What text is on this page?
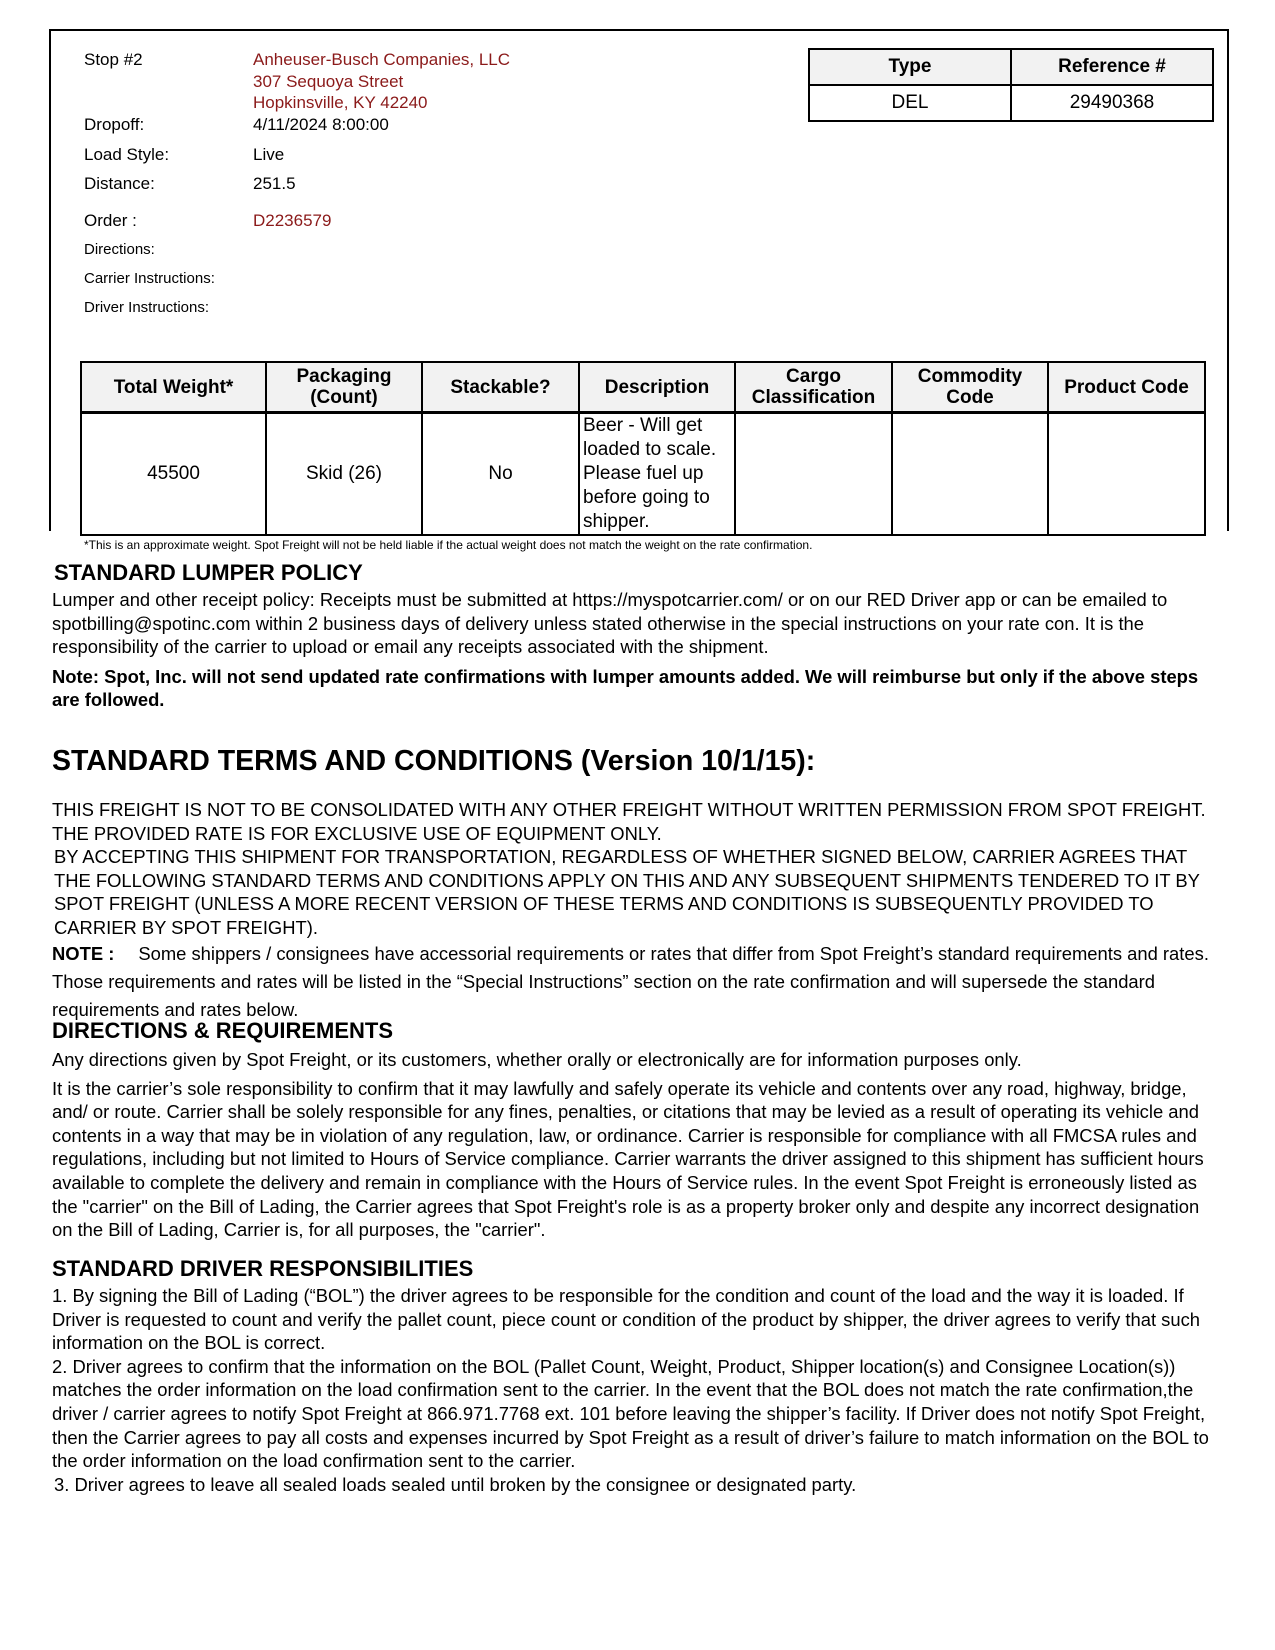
Stop #2	Anheuser-Busch Companies, LLC
307 Sequoya Street
Hopkinsville, KY 42240
Dropoff:	4/11/2024 8:00:00
Load Style:	Live
Distance:	251.5
Order :	D2236579
Directions:
Carrier Instructions:
Driver Instructions:
Type	Reference #
DEL	29490368
Total Weight*	Packaging (Count)	Stackable?	Description	Cargo Classification	Commodity Code	Product Code
45500	Skid (26)	No	Beer - Will get loaded to scale. Please fuel up before going to shipper.			
*This is an approximate weight. Spot Freight will not be held liable if the actual weight does not match the weight on the rate confirmation.
STANDARD LUMPER POLICY

Lumper and other receipt policy: Receipts must be submitted at https://myspotcarrier.com/ or on our RED Driver app or can be emailed to spotbilling@spotinc.com within 2 business days of delivery unless stated otherwise in the special instructions on your rate con. It is the responsibility of the carrier to upload or email any receipts associated with the shipment.

Note: Spot, Inc. will not send updated rate confirmations with lumper amounts added. We will reimburse but only if the above steps are followed.

STANDARD TERMS AND CONDITIONS (Version 10/1/15):

THIS FREIGHT IS NOT TO BE CONSOLIDATED WITH ANY OTHER FREIGHT WITHOUT WRITTEN PERMISSION FROM SPOT FREIGHT. THE PROVIDED RATE IS FOR EXCLUSIVE USE OF EQUIPMENT ONLY.

BY ACCEPTING THIS SHIPMENT FOR TRANSPORTATION, REGARDLESS OF WHETHER SIGNED BELOW, CARRIER AGREES THAT THE FOLLOWING STANDARD TERMS AND CONDITIONS APPLY ON THIS AND ANY SUBSEQUENT SHIPMENTS TENDERED TO IT BY SPOT FREIGHT (UNLESS A MORE RECENT VERSION OF THESE TERMS AND CONDITIONS IS SUBSEQUENTLY PROVIDED TO CARRIER BY SPOT FREIGHT).

NOTE : Some shippers / consignees have accessorial requirements or rates that differ from Spot Freight’s standard requirements and rates. Those requirements and rates will be listed in the “Special Instructions” section on the rate confirmation and will supersede the standard requirements and rates below.

DIRECTIONS & REQUIREMENTS

Any directions given by Spot Freight, or its customers, whether orally or electronically are for information purposes only.

It is the carrier’s sole responsibility to confirm that it may lawfully and safely operate its vehicle and contents over any road, highway, bridge, and/ or route. Carrier shall be solely responsible for any fines, penalties, or citations that may be levied as a result of operating its vehicle and contents in a way that may be in violation of any regulation, law, or ordinance. Carrier is responsible for compliance with all FMCSA rules and regulations, including but not limited to Hours of Service compliance. Carrier warrants the driver assigned to this shipment has sufficient hours available to complete the delivery and remain in compliance with the Hours of Service rules. In the event Spot Freight is erroneously listed as the "carrier" on the Bill of Lading, the Carrier agrees that Spot Freight's role is as a property broker only and despite any incorrect designation on the Bill of Lading, Carrier is, for all purposes, the "carrier".

STANDARD DRIVER RESPONSIBILITIES

1. By signing the Bill of Lading (“BOL”) the driver agrees to be responsible for the condition and count of the load and the way it is loaded. If Driver is requested to count and verify the pallet count, piece count or condition of the product by shipper, the driver agrees to verify that such information on the BOL is correct.

2. Driver agrees to confirm that the information on the BOL (Pallet Count, Weight, Product, Shipper location(s) and Consignee Location(s)) matches the order information on the load confirmation sent to the carrier. In the event that the BOL does not match the rate confirmation,the driver / carrier agrees to notify Spot Freight at 866.971.7768 ext. 101 before leaving the shipper’s facility. If Driver does not notify Spot Freight, then the Carrier agrees to pay all costs and expenses incurred by Spot Freight as a result of driver’s failure to match information on the BOL to the order information on the load confirmation sent to the carrier.

3. Driver agrees to leave all sealed loads sealed until broken by the consignee or designated party.
